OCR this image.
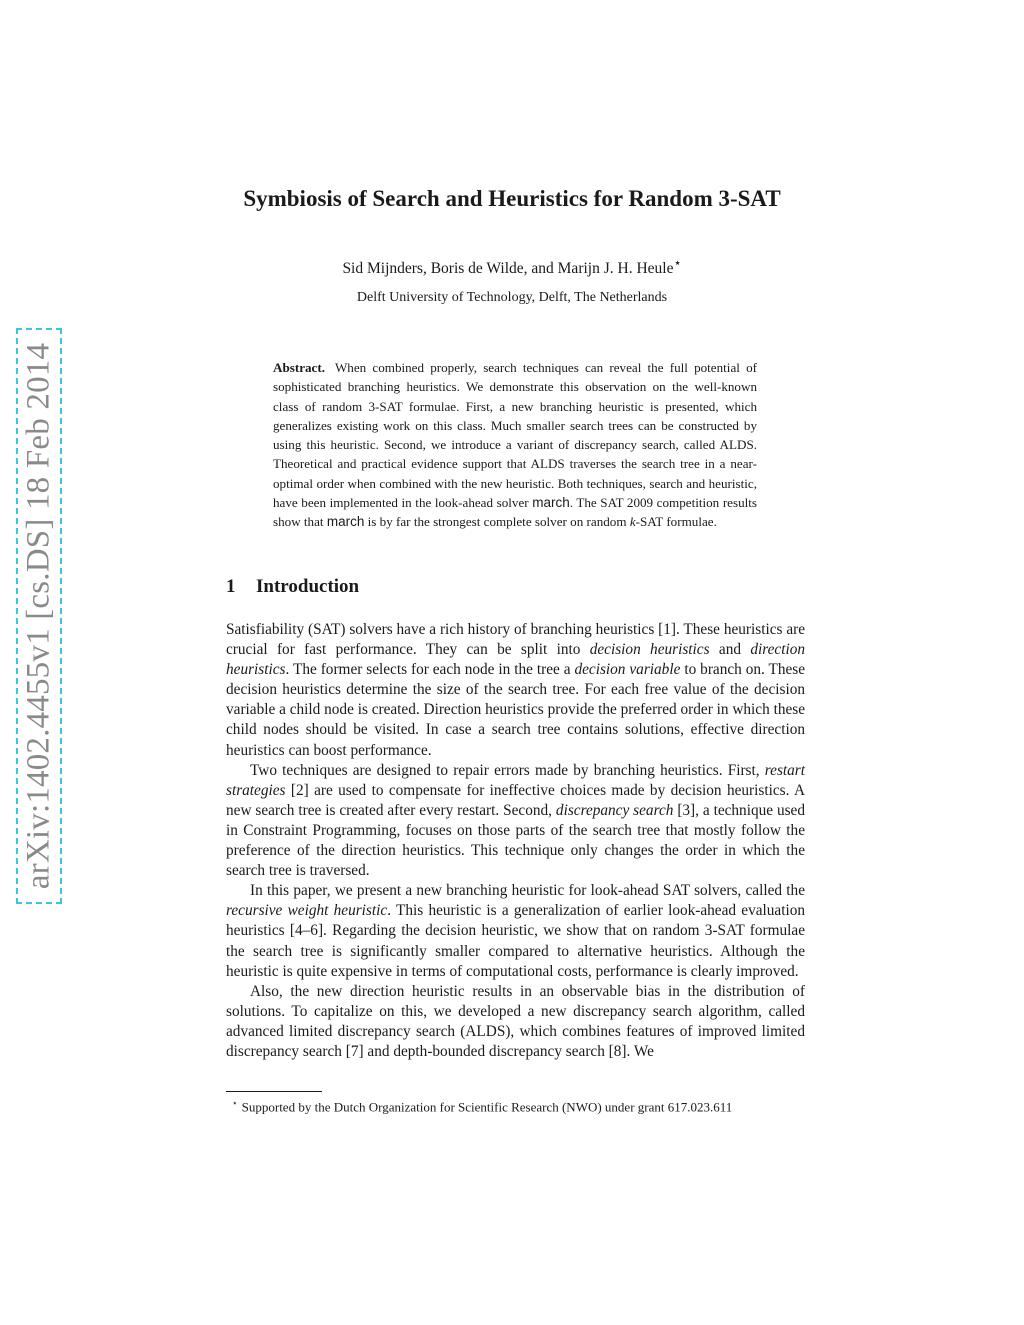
arXiv:1402.4455v1 [cs.DS] 18 Feb 2014
Symbiosis of Search and Heuristics for Random 3-SAT
Sid Mijnders, Boris de Wilde, and Marijn J. H. Heule⋆
Delft University of Technology, Delft, The Netherlands
Abstract. When combined properly, search techniques can reveal the full potential of sophisticated branching heuristics. We demonstrate this observation on the well-known class of random 3-SAT formulae. First, a new branching heuristic is presented, which generalizes existing work on this class. Much smaller search trees can be constructed by using this heuristic. Second, we introduce a variant of discrepancy search, called ALDS. Theoretical and practical evidence support that ALDS traverses the search tree in a near-optimal order when combined with the new heuristic. Both techniques, search and heuristic, have been implemented in the look-ahead solver march. The SAT 2009 competition results show that march is by far the strongest complete solver on random k-SAT formulae.
1 Introduction

Satisfiability (SAT) solvers have a rich history of branching heuristics [1]. These heuristics are crucial for fast performance. They can be split into decision heuristics and direction heuristics. The former selects for each node in the tree a decision variable to branch on. These decision heuristics determine the size of the search tree. For each free value of the decision variable a child node is created. Direction heuristics provide the preferred order in which these child nodes should be visited. In case a search tree contains solutions, effective direction heuristics can boost performance.

Two techniques are designed to repair errors made by branching heuristics. First, restart strategies [2] are used to compensate for ineffective choices made by decision heuristics. A new search tree is created after every restart. Second, discrepancy search [3], a technique used in Constraint Programming, focuses on those parts of the search tree that mostly follow the preference of the direction heuristics. This technique only changes the order in which the search tree is traversed.

In this paper, we present a new branching heuristic for look-ahead SAT solvers, called the recursive weight heuristic. This heuristic is a generalization of earlier look-ahead evaluation heuristics [4–6]. Regarding the decision heuristic, we show that on random 3-SAT formulae the search tree is significantly smaller compared to alternative heuristics. Although the heuristic is quite expensive in terms of computational costs, performance is clearly improved.

Also, the new direction heuristic results in an observable bias in the distribution of solutions. To capitalize on this, we developed a new discrepancy search algorithm, called advanced limited discrepancy search (ALDS), which combines features of improved limited discrepancy search [7] and depth-bounded discrepancy search [8]. We

⋆ Supported by the Dutch Organization for Scientific Research (NWO) under grant 617.023.611
